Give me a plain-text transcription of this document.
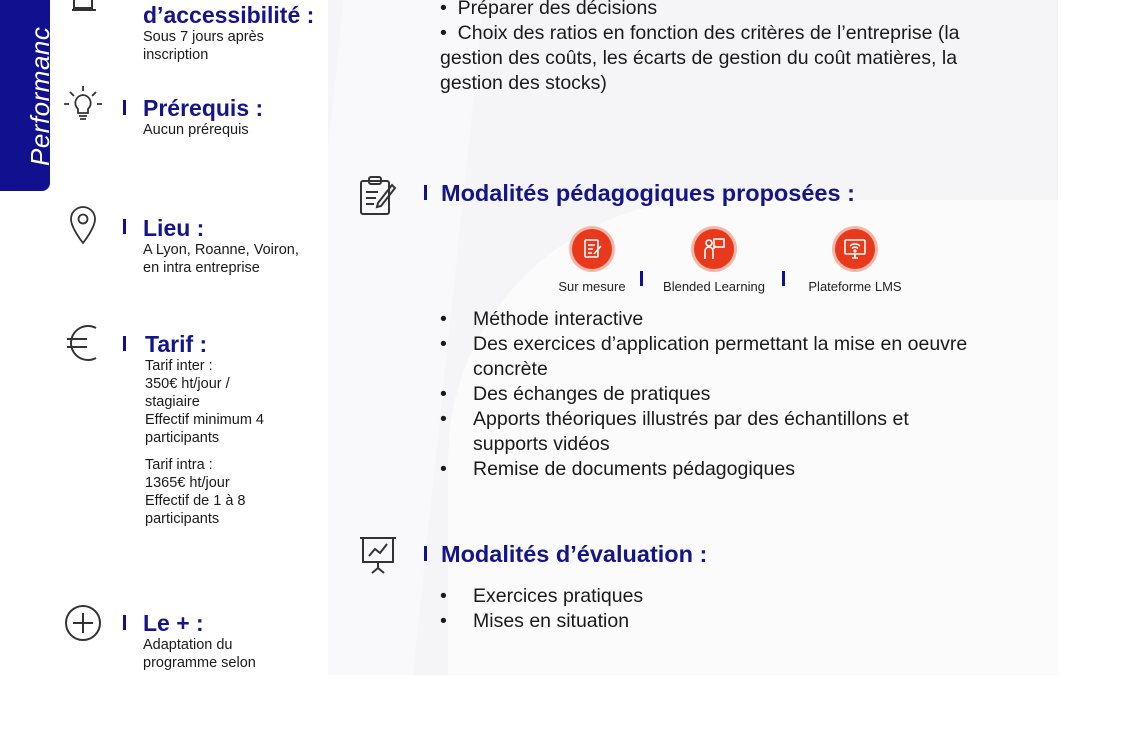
Performanc
d’accessibilité :
Sous 7 jours après
inscription
Prérequis :
Aucun prérequis
Lieu :
A Lyon, Roanne, Voiron,
en intra entreprise
Tarif :
Tarif inter :
350€ ht/jour /
stagiaire
Effectif minimum 4
participants
Tarif intra :
1365€ ht/jour
Effectif de 1 à 8
participants
Le + :
Adaptation du
programme selon
•  Préparer des décisions
•  Choix des ratios en fonction des critères de l’entreprise (la
gestion des coûts, les écarts de gestion du coût matières, la
gestion des stocks)
Modalités pédagogiques proposées :
Sur mesure	Blended Learning	Plateforme LMS
• Méthode interactive
• Des exercices d’application permettant la mise en oeuvre
concrète
• Des échanges de pratiques
• Apports théoriques illustrés par des échantillons et
supports vidéos
• Remise de documents pédagogiques
Modalités d’évaluation :
• Exercices pratiques
• Mises en situation
